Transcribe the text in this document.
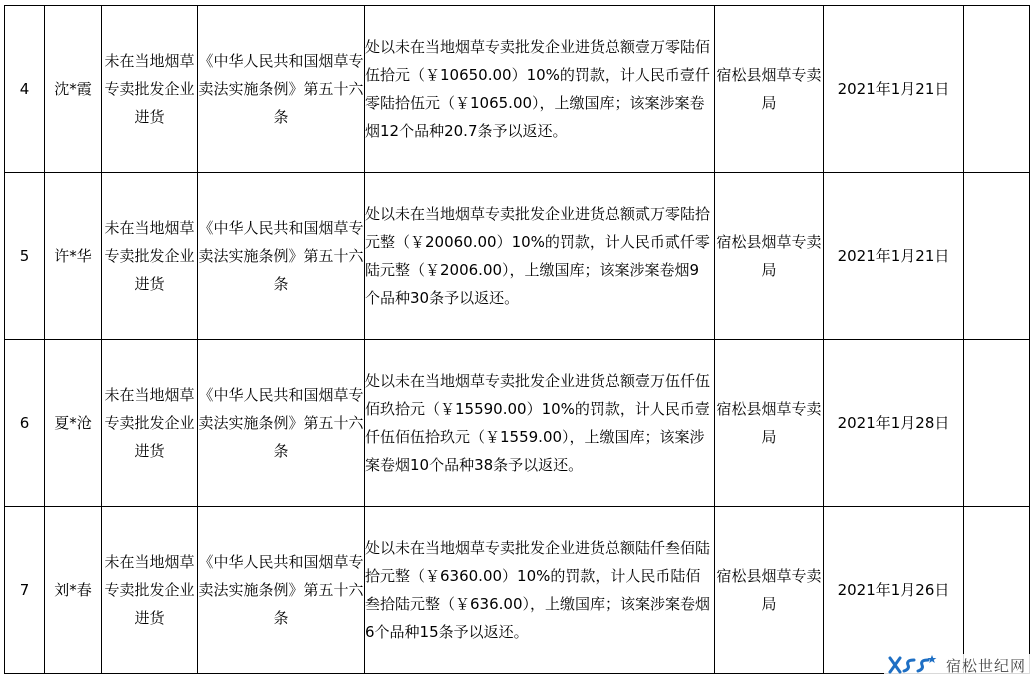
4	沈*霞	未在当地烟草专卖批发企业进货	《中华人民共和国烟草专卖法实施条例》第五十六条	处以未在当地烟草专卖批发企业进货总额壹万零陆佰伍拾元（￥10650.00）10%的罚款，计人民币壹仟零陆拾伍元（￥1065.00），上缴国库；该案涉案卷烟12个品种20.7条予以返还。	宿松县烟草专卖局	2021年1月21日	
5	许*华	未在当地烟草专卖批发企业进货	《中华人民共和国烟草专卖法实施条例》第五十六条	处以未在当地烟草专卖批发企业进货总额贰万零陆拾元整（￥20060.00）10%的罚款，计人民币贰仟零陆元整（￥2006.00），上缴国库；该案涉案卷烟9个品种30条予以返还。	宿松县烟草专卖局	2021年1月21日	
6	夏*沧	未在当地烟草专卖批发企业进货	《中华人民共和国烟草专卖法实施条例》第五十六条	处以未在当地烟草专卖批发企业进货总额壹万伍仟伍佰玖拾元（￥15590.00）10%的罚款，计人民币壹仟伍佰伍拾玖元（￥1559.00），上缴国库；该案涉案卷烟10个品种38条予以返还。	宿松县烟草专卖局	2021年1月28日	
7	刘*春	未在当地烟草专卖批发企业进货	《中华人民共和国烟草专卖法实施条例》第五十六条	处以未在当地烟草专卖批发企业进货总额陆仟叁佰陆拾元整（￥6360.00）10%的罚款，计人民币陆佰叁拾陆元整（￥636.00），上缴国库；该案涉案卷烟6个品种15条予以返还。	宿松县烟草专卖局	2021年1月26日	
宿松世纪网
